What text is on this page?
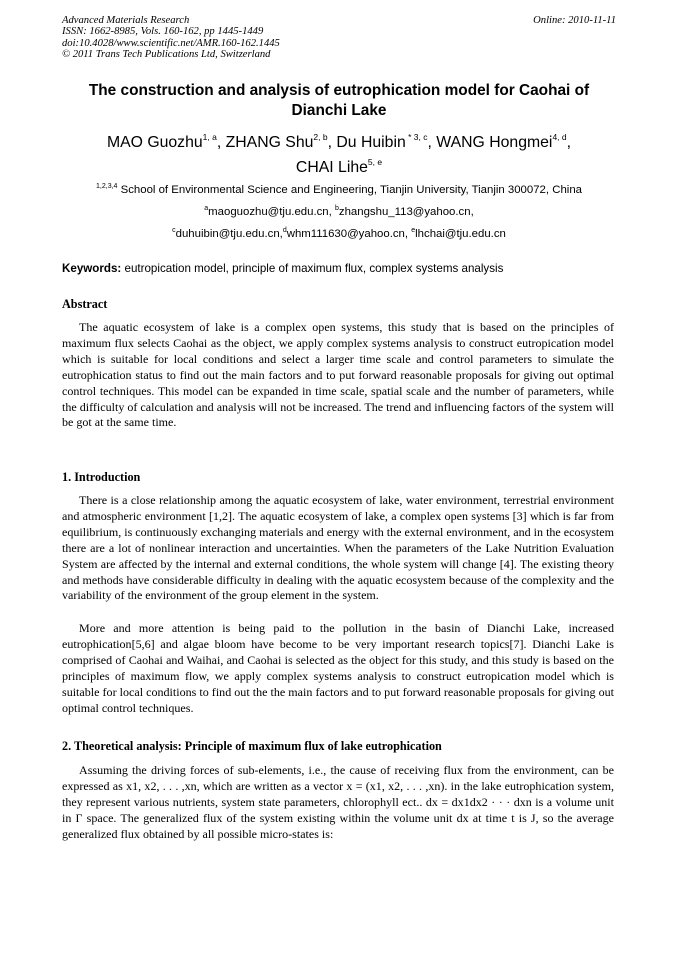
Advanced Materials Research
ISSN: 1662-8985, Vols. 160-162, pp 1445-1449
doi:10.4028/www.scientific.net/AMR.160-162.1445
© 2011 Trans Tech Publications Ltd, Switzerland
Online: 2010-11-11
The construction and analysis of eutrophication model for Caohai of Dianchi Lake
MAO Guozhu$^{1, a}$, ZHANG Shu$^{2, b}$, Du Huibin $^{* 3, c}$, WANG Hongmei$^{4, d}$,
CHAI Lihe$^{5, e}$
$^{1,2,3,4}$ School of Environmental Science and Engineering, Tianjin University, Tianjin 300072, China
$^a$maoguozhu@tju.edu.cn, $^b$zhangshu_113@yahoo.cn,
$^c$duhuibin@tju.edu.cn,$^d$whm111630@yahoo.cn, $^e$lhchai@tju.edu.cn
Keywords: eutropication model, principle of maximum flux, complex systems analysis
Abstract

The aquatic ecosystem of lake is a complex open systems, this study that is based on the principles of maximum flux selects Caohai as the object, we apply complex systems analysis to construct eutropication model which is suitable for local conditions and select a larger time scale and control parameters to simulate the eutrophication status to find out the main factors and to put forward reasonable proposals for giving out optimal control techniques. This model can be expanded in time scale, spatial scale and the number of parameters, while the difficulty of calculation and analysis will not be increased. The trend and influencing factors of the system will be got at the same time.

1. Introduction

There is a close relationship among the aquatic ecosystem of lake, water environment, terrestrial environment and atmospheric environment [1,2]. The aquatic ecosystem of lake, a complex open systems [3] which is far from equilibrium, is continuously exchanging materials and energy with the external environment, and in the ecosystem there are a lot of nonlinear interaction and uncertainties. When the parameters of the Lake Nutrition Evaluation System are affected by the internal and external conditions, the whole system will change [4]. The existing theory and methods have considerable difficulty in dealing with the aquatic ecosystem because of the complexity and the variability of the environment of the group element in the system.

More and more attention is being paid to the pollution in the basin of Dianchi Lake, increased eutrophication[5,6] and algae bloom have become to be very important research topics[7]. Dianchi Lake is comprised of Caohai and Waihai, and Caohai is selected as the object for this study, and this study is based on the principles of maximum flow, we apply complex systems analysis to construct eutropication model which is suitable for local conditions to find out the the main factors and to put forward reasonable proposals for giving out optimal control techniques.

2. Theoretical analysis: Principle of maximum flux of lake eutrophication

Assuming the driving forces of sub-elements, i.e., the cause of receiving flux from the environment, can be expressed as x1, x2, . . . ,xn, which are written as a vector x = (x1, x2, . . . ,xn). in the lake eutrophication system, they represent various nutrients, system state parameters, chlorophyll ect.. dx = dx1dx2 · · · dxn is a volume unit in Γ space. The generalized flux of the system existing within the volume unit dx at time t is J, so the average generalized flux obtained by all possible micro-states is:
